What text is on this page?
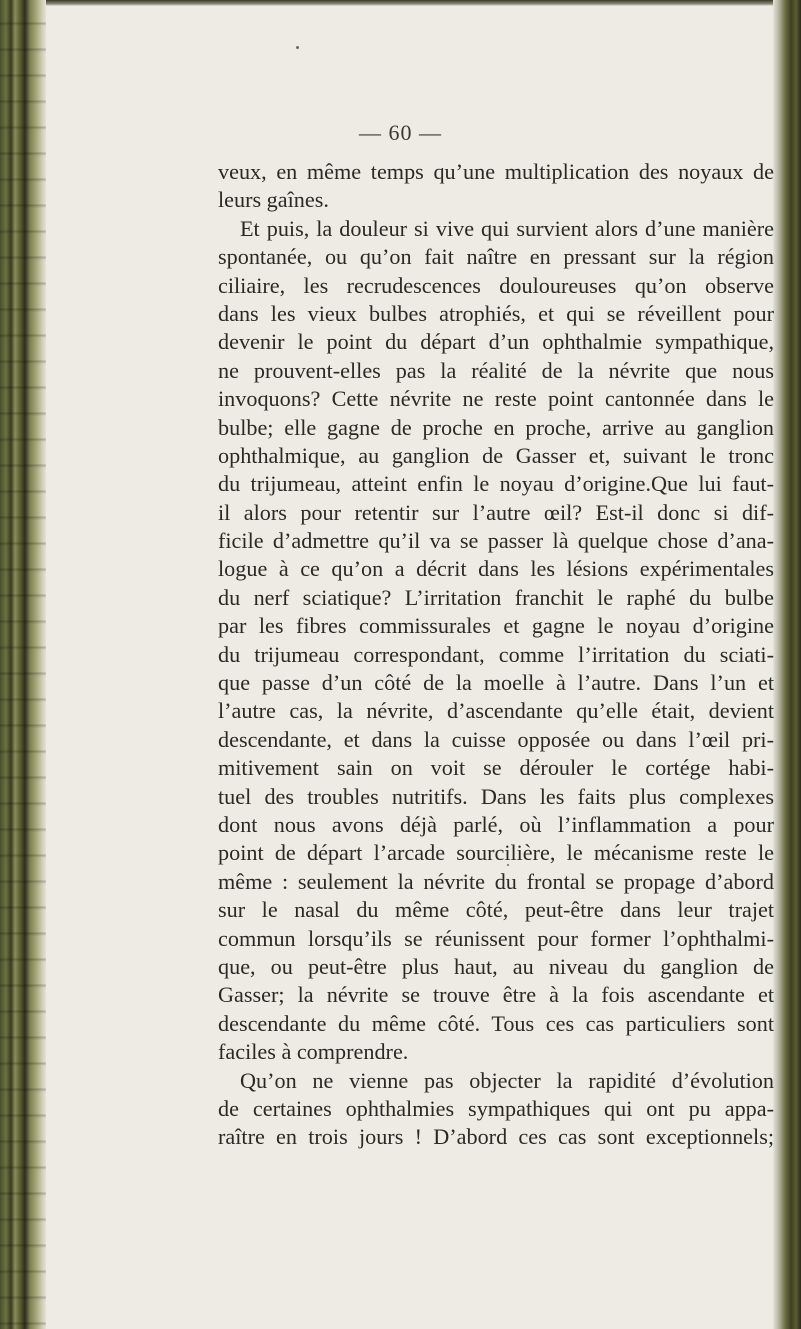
— 60 —
veux, en même temps qu’une multiplication des noyaux de
leurs gaînes.
Et puis, la douleur si vive qui survient alors d’une manière
spontanée, ou qu’on fait naître en pressant sur la région
ciliaire, les recrudescences douloureuses qu’on observe
dans les vieux bulbes atrophiés, et qui se réveillent pour
devenir le point du départ d’un ophthalmie sympathique,
ne prouvent-elles pas la réalité de la névrite que nous
invoquons? Cette névrite ne reste point cantonnée dans le
bulbe; elle gagne de proche en proche, arrive au ganglion
ophthalmique, au ganglion de Gasser et, suivant le tronc
du trijumeau, atteint enfin le noyau d’origine.Que lui faut-
il alors pour retentir sur l’autre œil? Est-il donc si dif-
ficile d’admettre qu’il va se passer là quelque chose d’ana-
logue à ce qu’on a décrit dans les lésions expérimentales
du nerf sciatique? L’irritation franchit le raphé du bulbe
par les fibres commissurales et gagne le noyau d’origine
du trijumeau correspondant, comme l’irritation du sciati-
que passe d’un côté de la moelle à l’autre. Dans l’un et
l’autre cas, la névrite, d’ascendante qu’elle était, devient
descendante, et dans la cuisse opposée ou dans l’œil pri-
mitivement sain on voit se dérouler le cortége habi-
tuel des troubles nutritifs. Dans les faits plus complexes
dont nous avons déjà parlé, où l’inflammation a pour
point de départ l’arcade sourcilière, le mécanisme reste le
même : seulement la névrite du frontal se propage d’abord
sur le nasal du même côté, peut-être dans leur trajet
commun lorsqu’ils se réunissent pour former l’ophthalmi-
que, ou peut-être plus haut, au niveau du ganglion de
Gasser; la névrite se trouve être à la fois ascendante et
descendante du même côté. Tous ces cas particuliers sont
faciles à comprendre.
Qu’on ne vienne pas objecter la rapidité d’évolution
de certaines ophthalmies sympathiques qui ont pu appa-
raître en trois jours ! D’abord ces cas sont exceptionnels;
